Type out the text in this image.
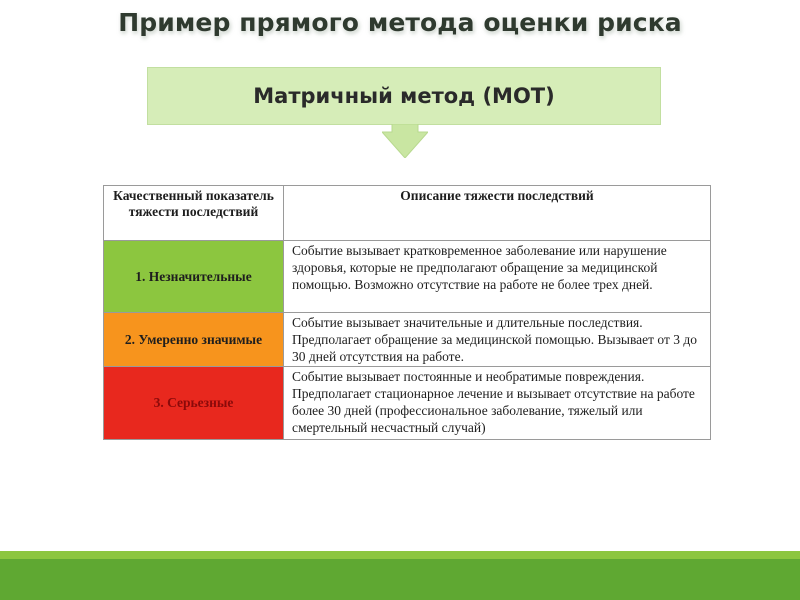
Пример прямого метода оценки риска
Матричный метод (МОТ)
Качественный показатель тяжести последствий	Описание тяжести последствий
1. Незначительные	Событие вызывает кратковременное заболевание или нарушение здоровья, которые не предполагают обращение за медицинской помощью. Возможно отсутствие на работе не более трех дней.
2. Умеренно значимые	Событие вызывает значительные и длительные последствия. Предполагает обращение за медицинской помощью. Вызывает от 3 до 30 дней отсутствия на работе.
3. Серьезные	Событие вызывает постоянные и необратимые повреждения. Предполагает стационарное лечение и вызывает отсутствие на работе более 30 дней (профессиональное заболевание, тяжелый или смертельный несчастный случай)
